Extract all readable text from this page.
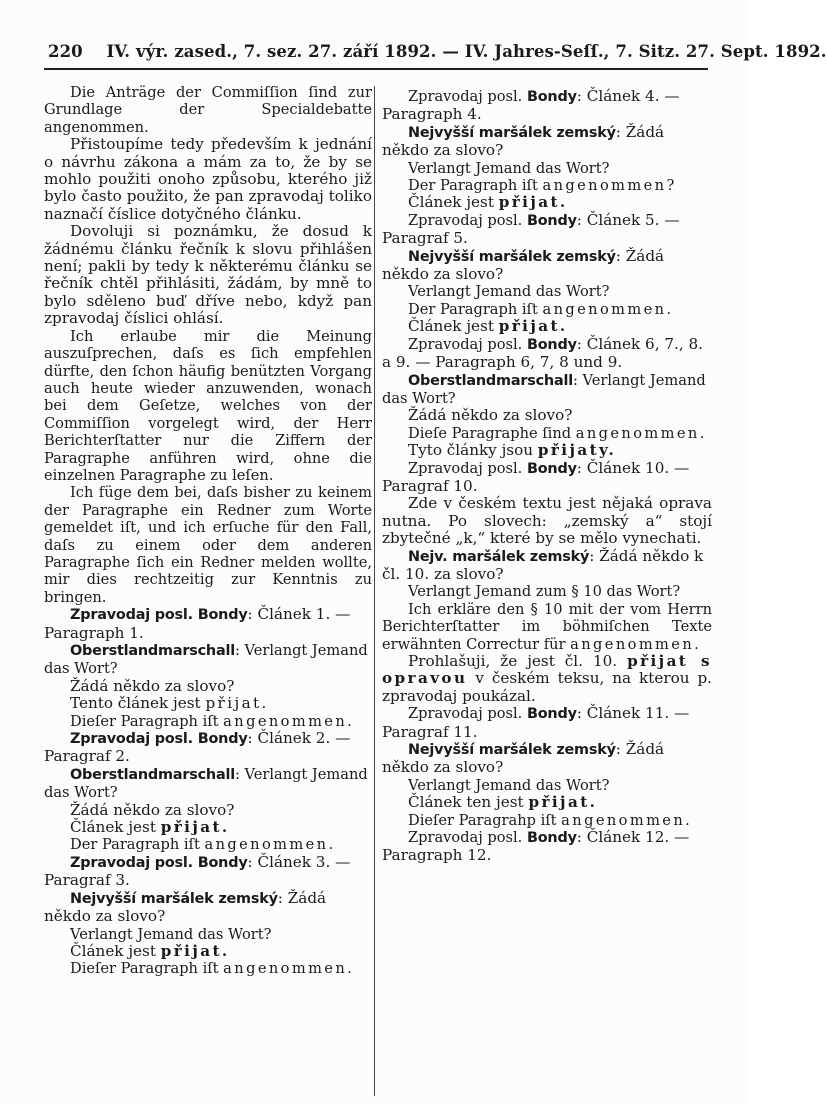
220 IV. výr. zased., 7. sez. 27. září 1892. — IV. Jahres-Seſſ., 7. Sitz. 27. Sept. 1892.

Die Anträge der Commiſſion ſind zur Grundlage der Specialdebatte angenommen.

Přistoupíme tedy především k jednání o návrhu zákona a mám za to, že by se mohlo použiti onoho způsobu, kterého již bylo často použito, že pan zpravodaj toliko naznačí číslice dotyčného článku.

Dovoluji si poznámku, že dosud k žádnému článku řečník k slovu přihlášen není; pakli by tedy k některému článku se řečník chtěl přihlásiti, žádám, by mně to bylo sděleno buď dříve nebo, když pan zpravodaj číslici ohlásí.

Ich erlaube mir die Meinung auszuſprechen, daſs es ſich empfehlen dürfte, den ſchon häufig benützten Vorgang auch heute wieder anzuwenden, wonach bei dem Geſetze, welches von der Commiſſion vorgelegt wird, der Herr Berichterſtatter nur die Ziffern der Paragraphe anführen wird, ohne die einzelnen Paragraphe zu leſen.

Ich füge dem bei, daſs bisher zu keinem der Paragraphe ein Redner zum Worte gemeldet iſt, und ich erſuche für den Fall, daſs zu einem oder dem anderen Paragraphe ſich ein Redner melden wollte, mir dies rechtzeitig zur Kenntnis zu bringen.

Zpravodaj posl. Bondy: Článek 1. — Paragraph 1.

Oberstlandmarschall: Verlangt Jemand das Wort?

Žádá někdo za slovo?
Tento článek jest přijat.
Dieſer Paragraph iſt angenommen.

Zpravodaj posl. Bondy: Článek 2. — Paragraf 2.

Oberstlandmarschall: Verlangt Jemand das Wort?

Žádá někdo za slovo?
Článek jest přijat.
Der Paragraph iſt angenommen.

Zpravodaj posl. Bondy: Článek 3. — Paragraf 3.

Nejvyšší maršálek zemský: Žádá někdo za slovo?

Verlangt Jemand das Wort?
Článek jest přijat.
Dieſer Paragraph iſt angenommen.

Zpravodaj posl. Bondy: Článek 4. — Paragraph 4.

Nejvyšší maršálek zemský: Žádá někdo za slovo?

Verlangt Jemand das Wort?
Der Paragraph iſt angenommen?
Článek jest přijat.

Zpravodaj posl. Bondy: Článek 5. — Paragraf 5.

Nejvyšší maršálek zemský: Žádá někdo za slovo?

Verlangt Jemand das Wort?
Der Paragraph iſt angenommen.
Článek jest přijat.

Zpravodaj posl. Bondy: Článek 6, 7., 8. a 9. — Paragraph 6, 7, 8 und 9.

Oberstlandmarschall: Verlangt Jemand das Wort?

Žádá někdo za slovo?
Dieſe Paragraphe ſind angenommen.
Tyto články jsou přijaty.

Zpravodaj posl. Bondy: Článek 10. — Paragraf 10.

Zde v českém textu jest nějaká oprava nutna. Po slovech: „zemský a“ stojí zbytečné „k,“ které by se mělo vynechati.

Nejv. maršálek zemský: Žádá někdo k čl. 10. za slovo?

Verlangt Jemand zum § 10 das Wort?

Ich erkläre den § 10 mit der vom Herrn Berichterſtatter im böhmiſchen Texte erwähnten Correctur für angenommen.

Prohlašuji, že jest čl. 10. přijat s opravou v českém teksu, na kterou p. zpravodaj poukázal.

Zpravodaj posl. Bondy: Článek 11. — Paragraf 11.

Nejvyšší maršálek zemský: Žádá někdo za slovo?

Verlangt Jemand das Wort?
Článek ten jest přijat.
Dieſer Paragrahp iſt angenommen.

Zpravodaj posl. Bondy: Článek 12. — Paragraph 12.
